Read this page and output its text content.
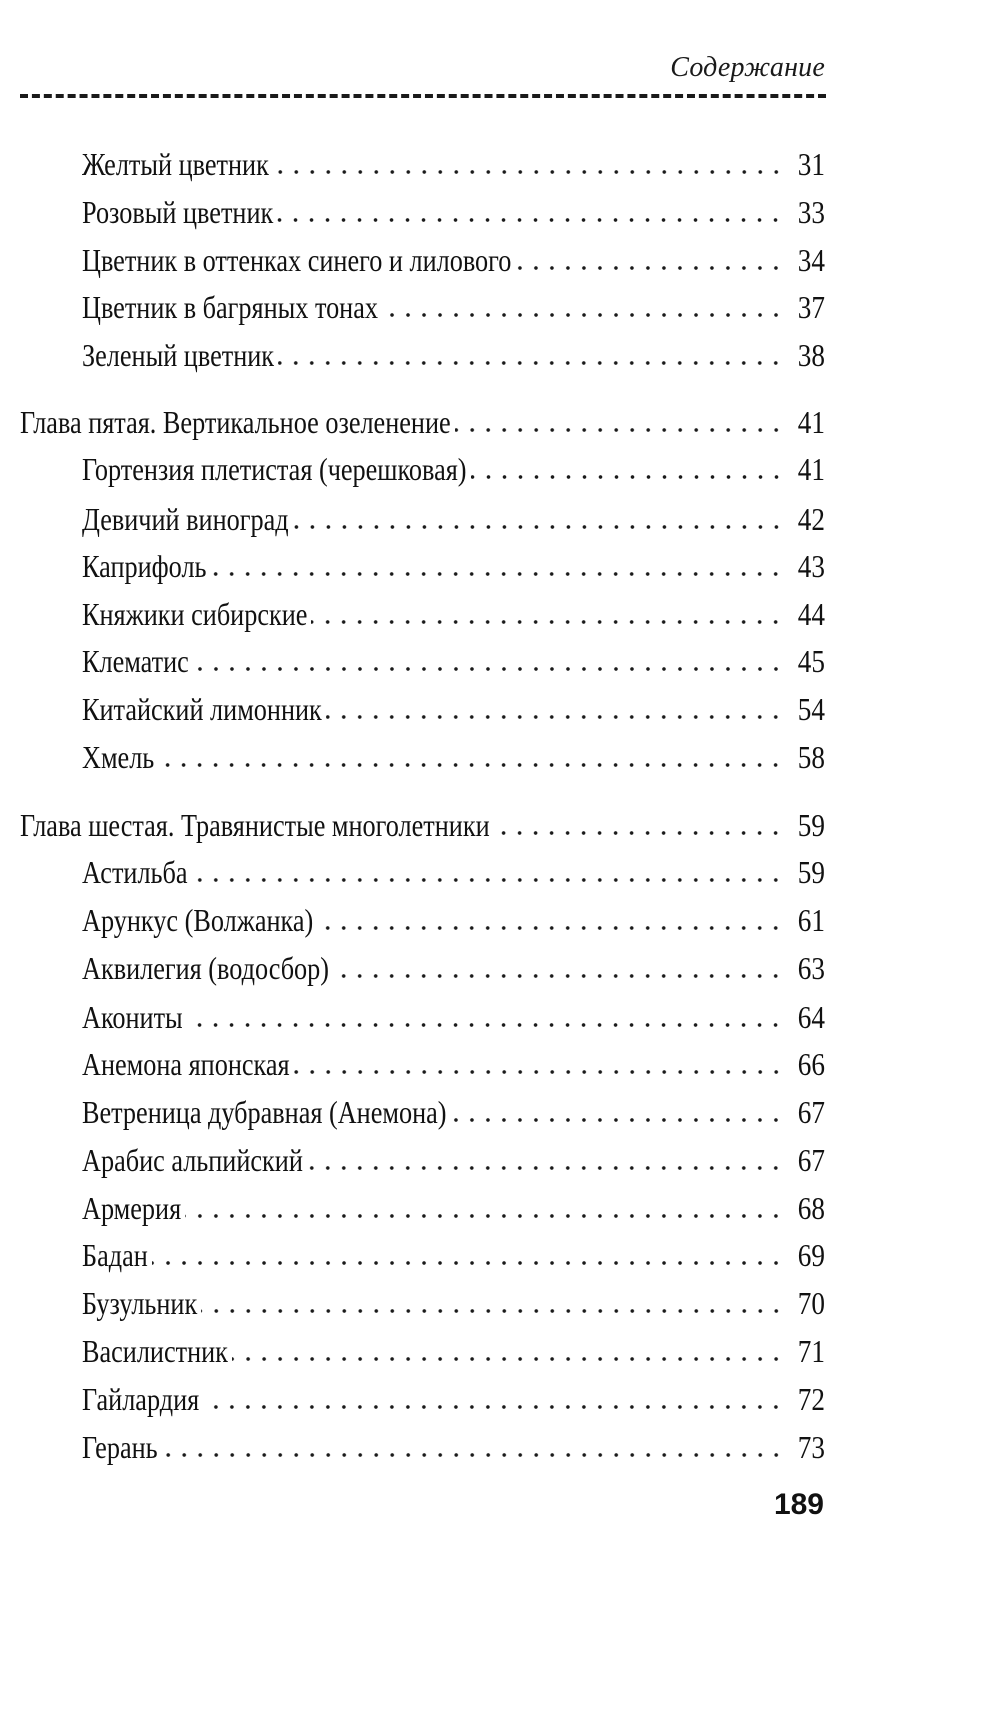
Содержание
Желтый цветник	31
Розовый цветник	33
Цветник в оттенках синего и лилового	34
Цветник в багряных тонах	37
Зеленый цветник	38
Глава пятая. Вертикальное озеленение	41
Гортензия плетистая (черешковая)	41
Девичий виноград	42
Каприфоль	43
Княжики сибирские	44
Клематис	45
Китайский лимонник	54
Хмель	58
Глава шестая. Травянистые многолетники	59
Астильба	59
Арункус (Волжанка)	61
Аквилегия (водосбор)	63
Акониты	64
Анемона японская	66
Ветреница дубравная (Анемона)	67
Арабис альпийский	67
Армерия	68
Бадан	69
Бузульник	70
Василистник	71
Гайлардия	72
Герань	73
189
